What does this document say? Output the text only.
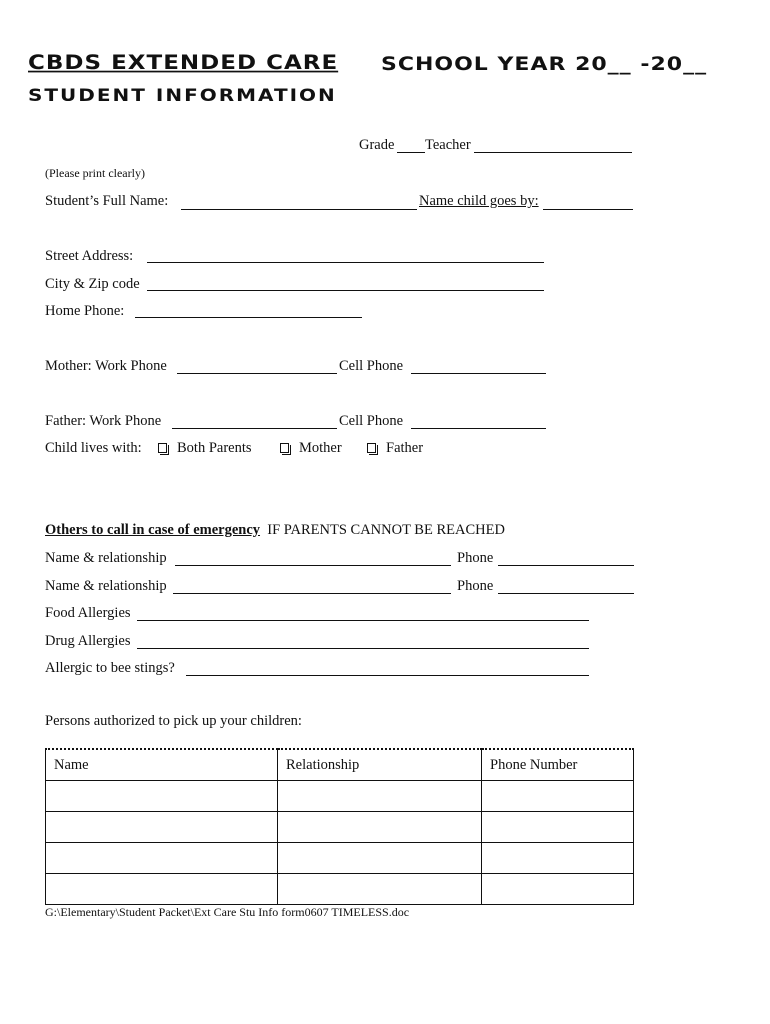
CBDS EXTENDED CARE SCHOOL YEAR 20__ -20__
STUDENT INFORMATION
Grade Teacher
(Please print clearly)
Student’s Full Name:	Name child goes by:
Street Address:
City & Zip code
Home Phone:
Mother: Work Phone	Cell Phone
Father: Work Phone	Cell Phone
Child lives with:	Both Parents	Mother	Father
Others to call in case of emergency IF PARENTS CANNOT BE REACHED
Name & relationship	Phone
Name & relationship	Phone
Food Allergies
Drug Allergies
Allergic to bee stings?
Persons authorized to pick up your children:
Name	Relationship	Phone Number

G:\Elementary\Student Packet\Ext Care Stu Info form0607 TIMELESS.doc
